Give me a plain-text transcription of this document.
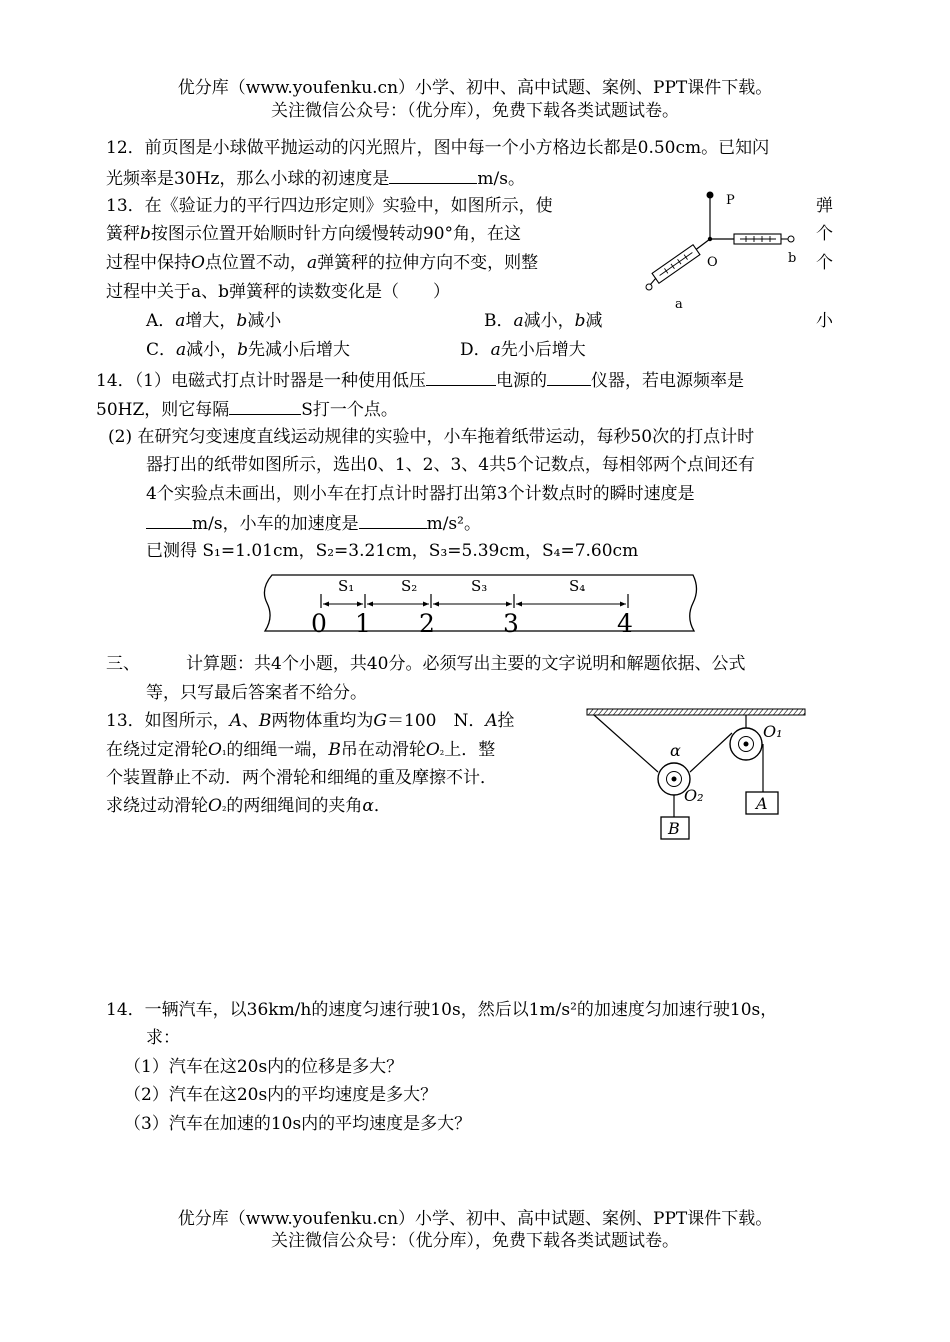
优分库（www.youfenku.cn）小学、初中、高中试题、案例、PPT课件下载。
关注微信公众号：（优分库），免费下载各类试题试卷。
12．前页图是小球做平抛运动的闪光照片，图中每一个小方格边长都是0.50cm。已知闪
光频率是30Hz，那么小球的初速度是	m/s。
13．在《验证力的平行四边形定则》实验中，如图所示，使
簧秤b按图示位置开始顺时针方向缓慢转动90°角，在这
过程中保持O点位置不动，a弹簧秤的拉伸方向不变，则整
过程中关于a、b弹簧秤的读数变化是（　　）
弹
个
个
小
A．a增大，b减小	B．a减小，b减
C．a减小，b先减小后增大	D．a先小后增大
P
O	b
a
14．（1）电磁式打点计时器是一种使用低压	电源的	仪器，若电源频率是
50HZ，则它每隔	S打一个点。
(2) 在研究匀变速度直线运动规律的实验中，小车拖着纸带运动，每秒50次的打点计时
器打出的纸带如图所示，选出0、1、2、3、4共5个记数点，每相邻两个点间还有
4个实验点未画出，则小车在打点计时器打出第3个计数点时的瞬时速度是
m/s，小车的加速度是	m/s²。
已测得 S₁=1.01cm，S₂=3.21cm，S₃=5.39cm，S₄=7.60cm
S₁	S₂	S₃	S₄
0 1 2	3	4
三、	计算题：共4个小题，共40分。必须写出主要的文字说明和解题依据、公式
等，只写最后答案者不给分。
13．如图所示，A、B两物体重均为G＝100　N．A拴
在绕过定滑轮O₁的细绳一端，B吊在动滑轮O₂上．整
个装置静止不动．两个滑轮和细绳的重及摩擦不计．
求绕过动滑轮O₂的两细绳间的夹角α．
α
O₁
O₂	A
B
14．一辆汽车，以36km/h的速度匀速行驶10s，然后以1m/s²的加速度匀加速行驶10s，
求：
（1）汽车在这20s内的位移是多大？
（2）汽车在这20s内的平均速度是多大？
（3）汽车在加速的10s内的平均速度是多大？
优分库（www.youfenku.cn）小学、初中、高中试题、案例、PPT课件下载。
关注微信公众号：（优分库），免费下载各类试题试卷。
